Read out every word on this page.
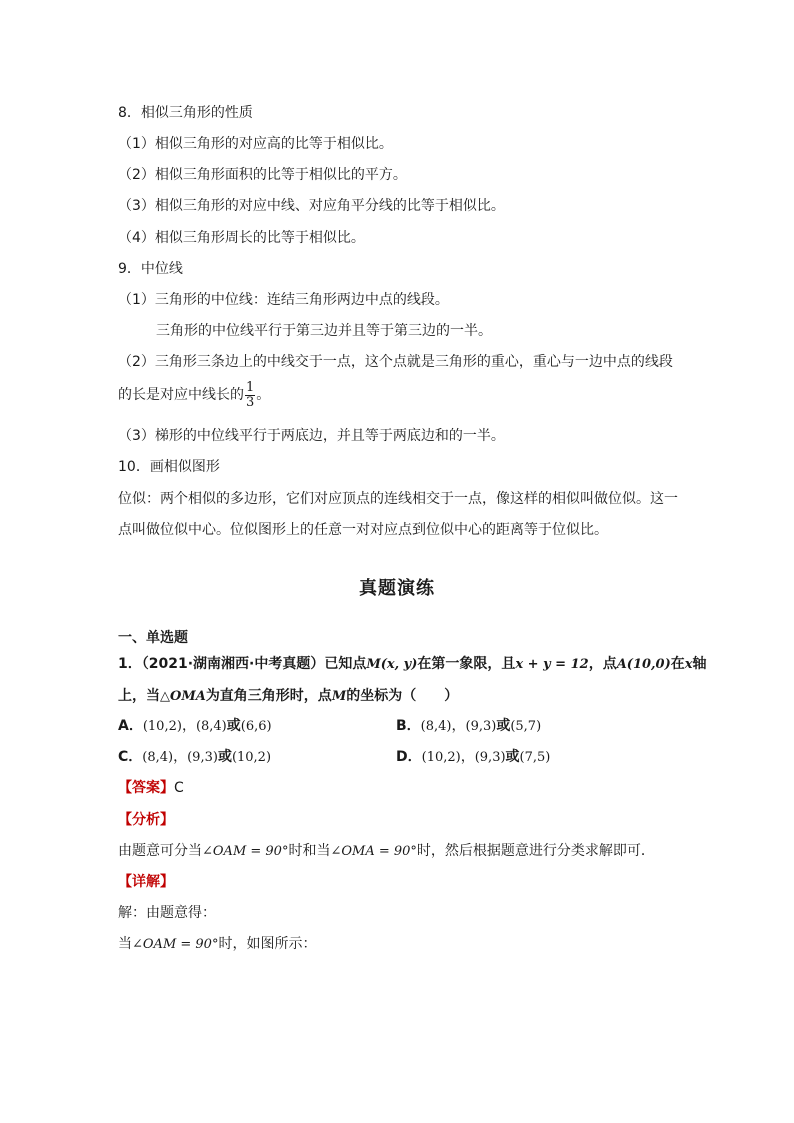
8．相似三角形的性质
（1）相似三角形的对应高的比等于相似比。
（2）相似三角形面积的比等于相似比的平方。
（3）相似三角形的对应中线、对应角平分线的比等于相似比。
（4）相似三角形周长的比等于相似比。
9．中位线
（1）三角形的中位线：连结三角形两边中点的线段。
三角形的中位线平行于第三边并且等于第三边的一半。
（2）三角形三条边上的中线交于一点，这个点就是三角形的重心，重心与一边中点的线段
的长是对应中线长的 $\frac{1}{3}$ 。
（3）梯形的中位线平行于两底边，并且等于两底边和的一半。
10．画相似图形
位似：两个相似的多边形，它们对应顶点的连线相交于一点，像这样的相似叫做位似。这一
点叫做位似中心。位似图形上的任意一对对应点到位似中心的距离等于位似比。
真题演练
一、单选题
1．（2021·湖南湘西·中考真题）已知点M(x, y)在第一象限，且x + y = 12，点A(10,0)在x轴
上，当△OMA为直角三角形时，点M的坐标为（　　）
A．(10,2)，(8,4)或(6,6)	B．(8,4)，(9,3)或(5,7)
C．(8,4)，(9,3)或(10,2)	D．(10,2)，(9,3)或(7,5)
【答案】C
【分析】
由题意可分当∠OAM = 90°时和当∠OMA = 90°时，然后根据题意进行分类求解即可．
【详解】
解：由题意得：
当∠OAM = 90°时，如图所示：
